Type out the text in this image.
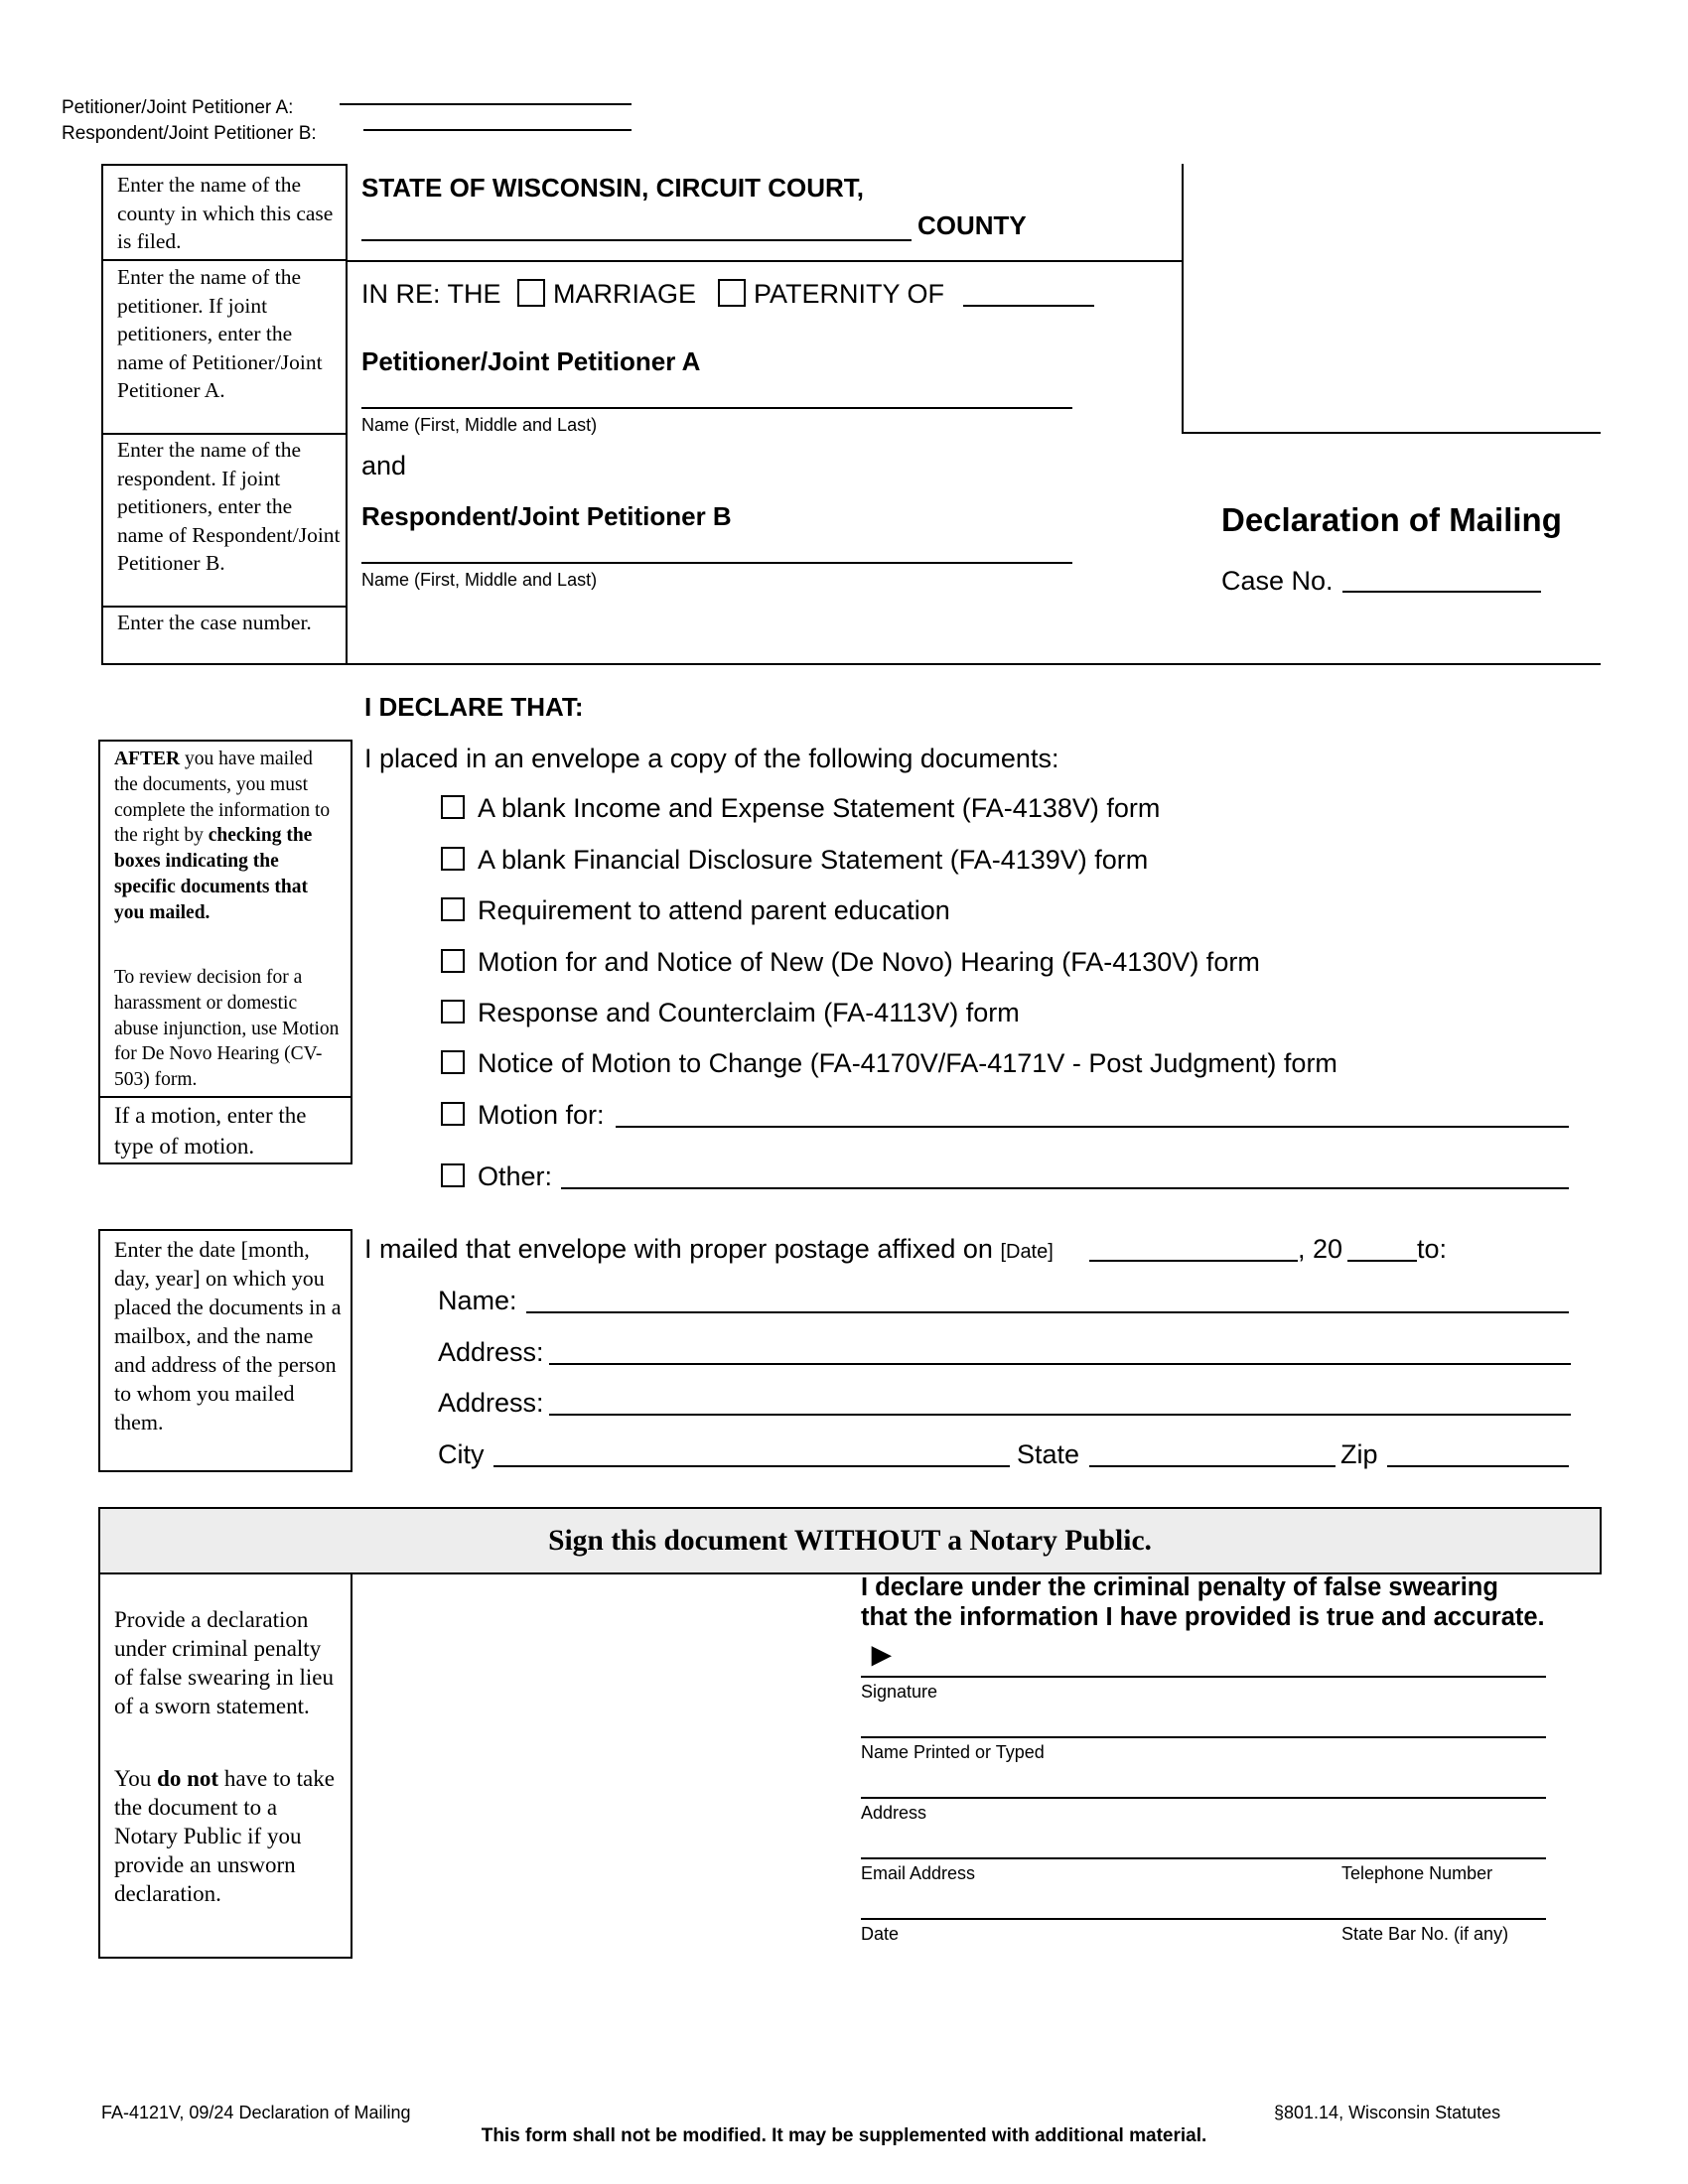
Petitioner/Joint Petitioner A:
Respondent/Joint Petitioner B:
Enter the name of the county in which this case is filed.
Enter the name of the petitioner. If joint petitioners, enter the name of Petitioner/Joint Petitioner A.
Enter the name of the respondent. If joint petitioners, enter the name of Respondent/Joint Petitioner B.
Enter the case number.
STATE OF WISCONSIN, CIRCUIT COURT,
COUNTY
IN RE: THE MARRIAGE PATERNITY OF
Petitioner/Joint Petitioner A
Name (First, Middle and Last)
and
Respondent/Joint Petitioner B
Name (First, Middle and Last)
Declaration of Mailing
Case No.
I DECLARE THAT:
AFTER you have mailed the documents, you must complete the information to the right by checking the boxes indicating the specific documents that you mailed.
To review decision for a harassment or domestic abuse injunction, use Motion for De Novo Hearing (CV-503) form.
If a motion, enter the type of motion.
I placed in an envelope a copy of the following documents:
A blank Income and Expense Statement (FA-4138V) form
A blank Financial Disclosure Statement (FA-4139V) form
Requirement to attend parent education
Motion for and Notice of New (De Novo) Hearing (FA-4130V) form
Response and Counterclaim (FA-4113V) form
Notice of Motion to Change (FA-4170V/FA-4171V - Post Judgment) form
Motion for:
Other:
Enter the date [month, day, year] on which you placed the documents in a mailbox, and the name and address of the person to whom you mailed them.
I mailed that envelope with proper postage affixed on [Date]	, 20	to:
Name:
Address:
Address:
City	State	Zip
Sign this document WITHOUT a Notary Public.
Provide a declaration under criminal penalty of false swearing in lieu of a sworn statement.
You do not have to take the document to a Notary Public if you provide an unsworn declaration.
I declare under the criminal penalty of false swearing
that the information I have provided is true and accurate.
►
Signature
Name Printed or Typed
Address
Email Address	Telephone Number
Date	State Bar No. (if any)
FA-4121V, 09/24 Declaration of Mailing	§801.14, Wisconsin Statutes
This form shall not be modified. It may be supplemented with additional material.
